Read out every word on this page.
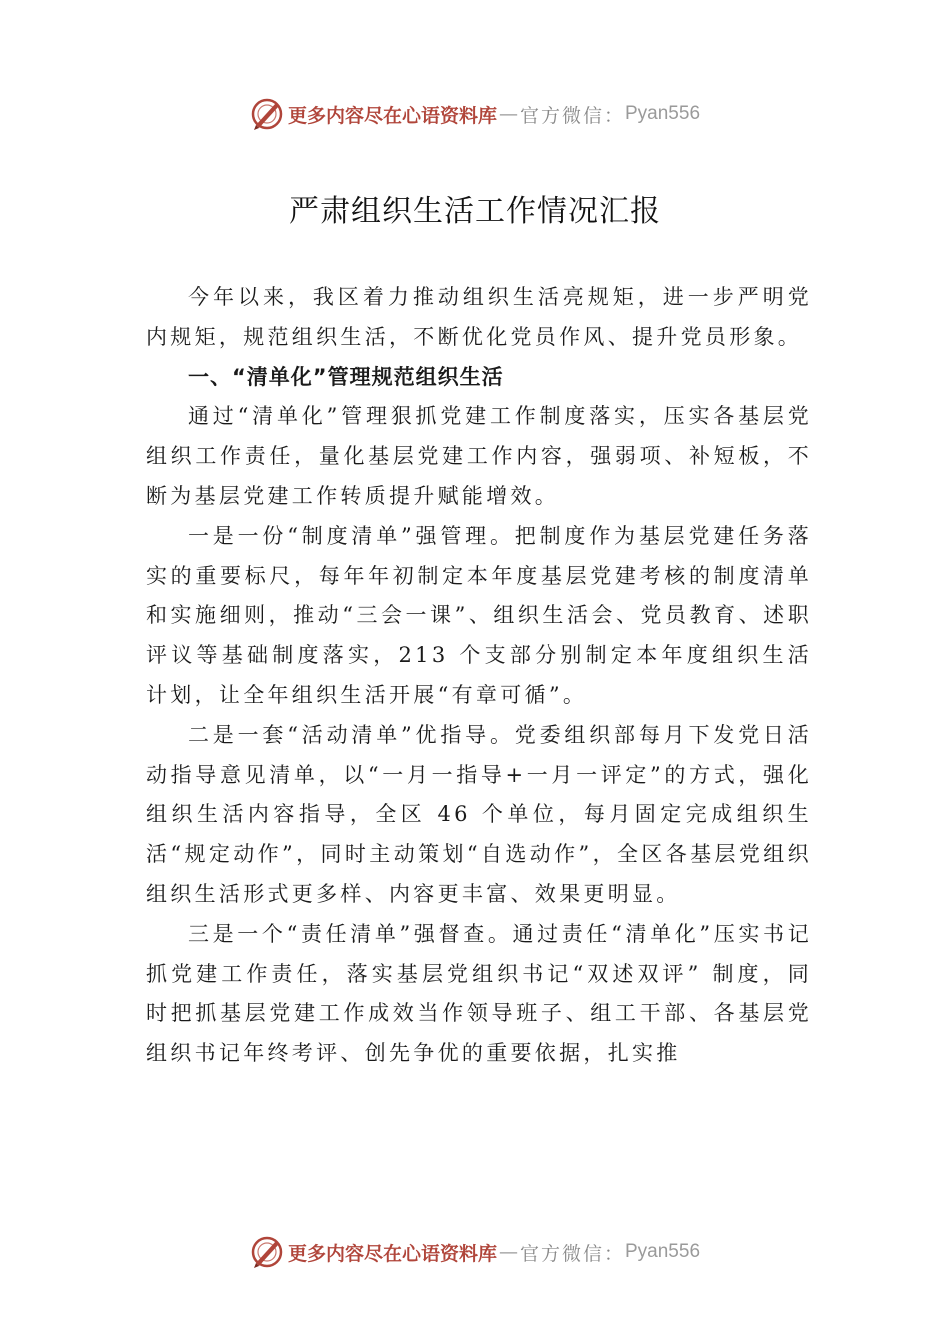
更多内容尽在心语资料库 — 官方微信： Pyan556
严肃组织生活工作情况汇报

今年以来，我区着力推动组织生活亮规矩，进一步严明党内规矩，规范组织生活，不断优化党员作风、提升党员形象。

一、“清单化”管理规范组织生活

通过“清单化”管理狠抓党建工作制度落实，压实各基层党组织工作责任，量化基层党建工作内容，强弱项、补短板，不断为基层党建工作转质提升赋能增效。

一是一份“制度清单”强管理。把制度作为基层党建任务落实的重要标尺，每年年初制定本年度基层党建考核的制度清单和实施细则，推动“三会一课”、组织生活会、党员教育、述职评议等基础制度落实，213 个支部分别制定本年度组织生活计划，让全年组织生活开展“有章可循”。

二是一套“活动清单”优指导。党委组织部每月下发党日活动指导意见清单，以“一月一指导+一月一评定”的方式，强化组织生活内容指导，全区 46 个单位，每月固定完成组织生活“规定动作”，同时主动策划“自选动作”，全区各基层党组织组织生活形式更多样、内容更丰富、效果更明显。

三是一个“责任清单”强督查。通过责任“清单化”压实书记抓党建工作责任，落实基层党组织书记“双述双评” 制度，同时把抓基层党建工作成效当作领导班子、组工干部、各基层党组织书记年终考评、创先争优的重要依据，扎实推

更多内容尽在心语资料库 — 官方微信： Pyan556
